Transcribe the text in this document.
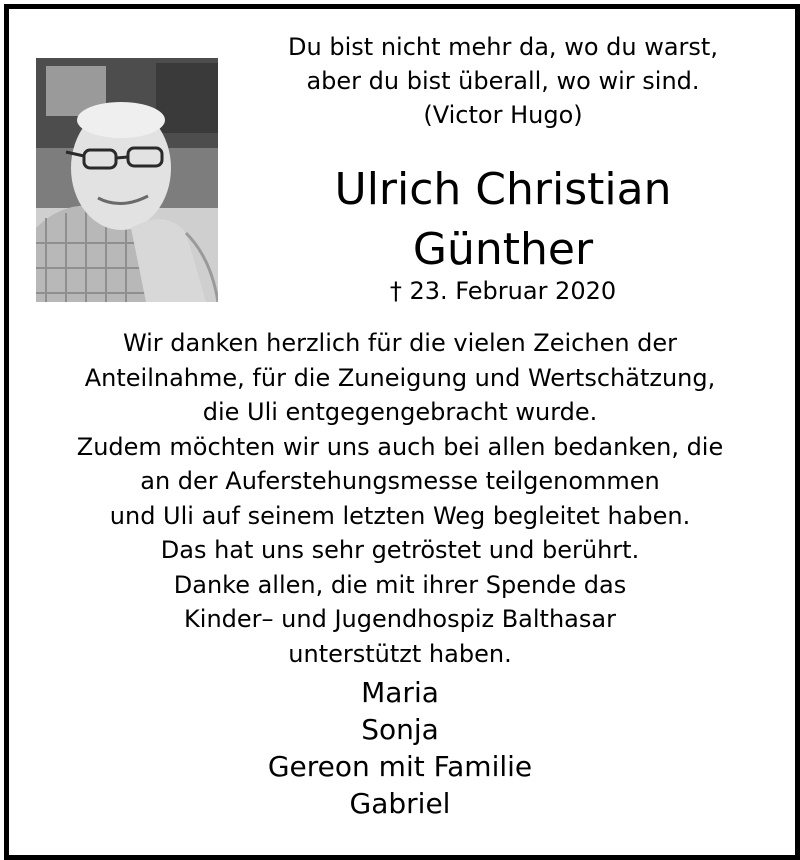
Du bist nicht mehr da, wo du warst,
aber du bist überall, wo wir sind.
(Victor Hugo)
Ulrich Christian
Günther
† 23. Februar 2020
Wir danken herzlich für die vielen Zeichen der
Anteilnahme, für die Zuneigung und Wertschätzung,
die Uli entgegengebracht wurde.
Zudem möchten wir uns auch bei allen bedanken, die
an der Auferstehungsmesse teilgenommen
und Uli auf seinem letzten Weg begleitet haben.
Das hat uns sehr getröstet und berührt.
Danke allen, die mit ihrer Spende das
Kinder– und Jugendhospiz Balthasar
unterstützt haben.
Maria
Sonja
Gereon mit Familie
Gabriel
